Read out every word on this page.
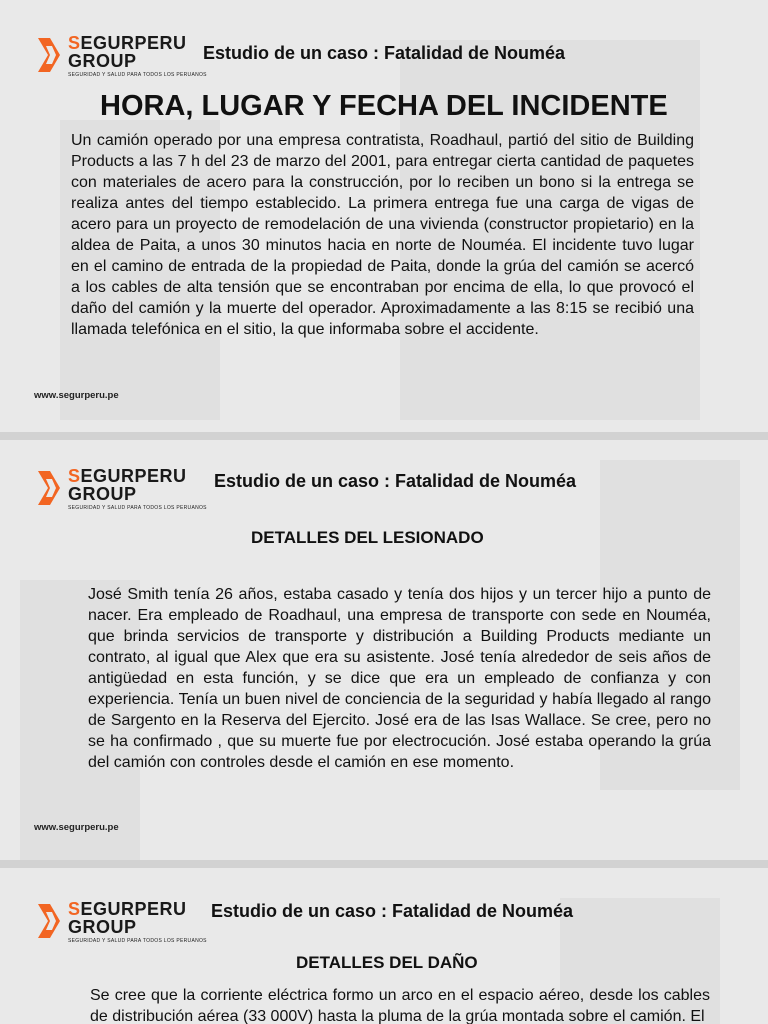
SEGURPERU
GROUP
SEGURIDAD Y SALUD PARA TODOS LOS PERUANOS
Estudio de un caso : Fatalidad de Nouméa
HORA, LUGAR Y FECHA DEL INCIDENTE
Un camión operado por una empresa contratista, Roadhaul, partió del sitio de Building Products a las 7 h del 23 de marzo del 2001, para entregar cierta cantidad de paquetes con materiales de acero para la construcción, por lo reciben un bono si la entrega se realiza antes del tiempo establecido. La primera entrega fue una carga de vigas de acero para un proyecto de remodelación de una vivienda (constructor propietario) en la aldea de Paita, a unos 30 minutos hacia en norte de Nouméa. El incidente tuvo lugar en el camino de entrada de la propiedad de Paita, donde la grúa del camión se acercó a los cables de alta tensión que se encontraban por encima de ella, lo que provocó el daño del camión y la muerte del operador. Aproximadamente a las 8:15 se recibió una llamada telefónica en el sitio, la que informaba sobre el accidente.
www.segurperu.pe
SEGURPERU
GROUP
SEGURIDAD Y SALUD PARA TODOS LOS PERUANOS
Estudio de un caso : Fatalidad de Nouméa
DETALLES DEL LESIONADO
José Smith tenía 26 años, estaba casado y tenía dos hijos y un tercer hijo a punto de nacer. Era empleado de Roadhaul, una empresa de transporte con sede en Nouméa, que brinda servicios de transporte y distribución a Building Products mediante un contrato, al igual que Alex que era su asistente. José tenía alrededor de seis años de antigüedad en esta función, y se dice que era un empleado de confianza y con experiencia. Tenía un buen nivel de conciencia de la seguridad y había llegado al rango de Sargento en la Reserva del Ejercito. José era de las Isas Wallace. Se cree, pero no se ha confirmado , que su muerte fue por electrocución. José estaba operando la grúa del camión con controles desde el camión en ese momento.
www.segurperu.pe
SEGURPERU
GROUP
SEGURIDAD Y SALUD PARA TODOS LOS PERUANOS
Estudio de un caso : Fatalidad de Nouméa
DETALLES DEL DAÑO
Se cree que la corriente eléctrica formo un arco en el espacio aéreo, desde los cables de distribución aérea (33 000V) hasta la pluma de la grúa montada sobre el camión. El
